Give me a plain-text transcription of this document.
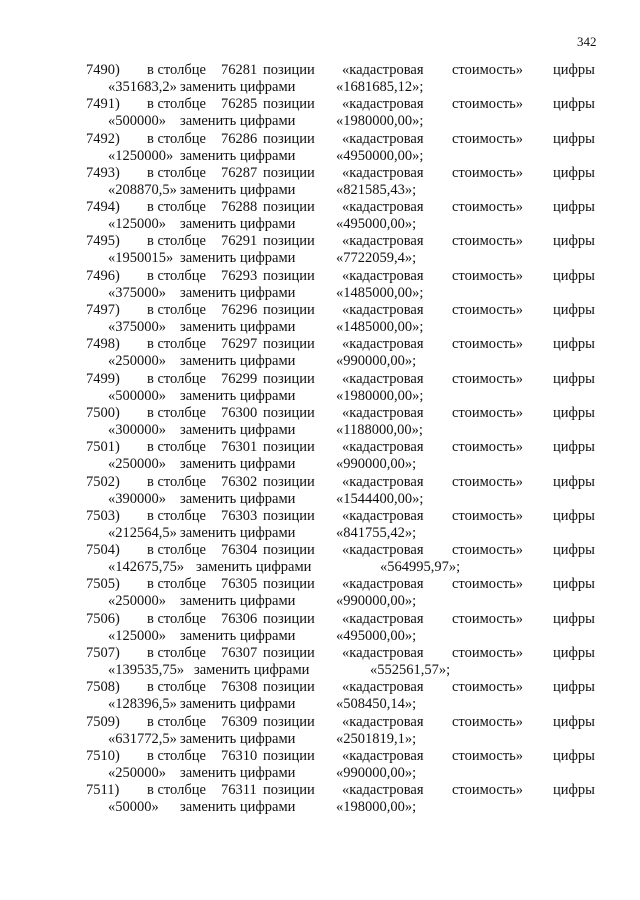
342
7490) в столбце 76281 позиции «кадастровая стоимость» цифры
«351683,2» заменить цифрами	«1681685,12»;
7491) в столбце 76285 позиции «кадастровая стоимость» цифры
«500000» заменить цифрами	«1980000,00»;
7492) в столбце 76286 позиции «кадастровая стоимость» цифры
«1250000» заменить цифрами	«4950000,00»;
7493) в столбце 76287 позиции «кадастровая стоимость» цифры
«208870,5» заменить цифрами	«821585,43»;
7494) в столбце 76288 позиции «кадастровая стоимость» цифры
«125000» заменить цифрами	«495000,00»;
7495) в столбце 76291 позиции «кадастровая стоимость» цифры
«1950015» заменить цифрами	«7722059,4»;
7496) в столбце 76293 позиции «кадастровая стоимость» цифры
«375000» заменить цифрами	«1485000,00»;
7497) в столбце 76296 позиции «кадастровая стоимость» цифры
«375000» заменить цифрами	«1485000,00»;
7498) в столбце 76297 позиции «кадастровая стоимость» цифры
«250000» заменить цифрами	«990000,00»;
7499) в столбце 76299 позиции «кадастровая стоимость» цифры
«500000» заменить цифрами	«1980000,00»;
7500) в столбце 76300 позиции «кадастровая стоимость» цифры
«300000» заменить цифрами	«1188000,00»;
7501) в столбце 76301 позиции «кадастровая стоимость» цифры
«250000» заменить цифрами	«990000,00»;
7502) в столбце 76302 позиции «кадастровая стоимость» цифры
«390000» заменить цифрами	«1544400,00»;
7503) в столбце 76303 позиции «кадастровая стоимость» цифры
«212564,5» заменить цифрами	«841755,42»;
7504) в столбце 76304 позиции «кадастровая стоимость» цифры
«142675,75» заменить цифрами	«564995,97»;
7505) в столбце 76305 позиции «кадастровая стоимость» цифры
«250000» заменить цифрами	«990000,00»;
7506) в столбце 76306 позиции «кадастровая стоимость» цифры
«125000» заменить цифрами	«495000,00»;
7507) в столбце 76307 позиции «кадастровая стоимость» цифры
«139535,75» заменить цифрами	«552561,57»;
7508) в столбце 76308 позиции «кадастровая стоимость» цифры
«128396,5» заменить цифрами	«508450,14»;
7509) в столбце 76309 позиции «кадастровая стоимость» цифры
«631772,5» заменить цифрами	«2501819,1»;
7510) в столбце 76310 позиции «кадастровая стоимость» цифры
«250000» заменить цифрами	«990000,00»;
7511) в столбце 76311 позиции «кадастровая стоимость» цифры
«50000» заменить цифрами	«198000,00»;
